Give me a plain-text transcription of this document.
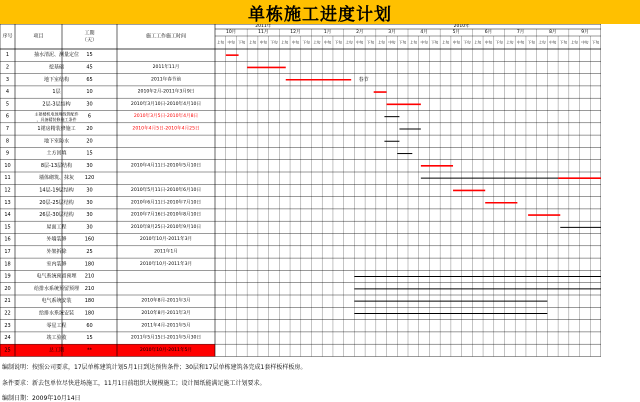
单栋施工进度计划
序号	项目	工期
（天）
施工工作施工时间
2011年	2010年
10月	11月	12月	1月	2月	3月	4月	5月	6月	7月	8月	9月
上旬 中旬 下旬 上旬 中旬 下旬 上旬 中旬 下旬 上旬 中旬 下旬 上旬 中旬 下旬 上旬 中旬 下旬 上旬 中旬 下旬 上旬 中旬 下旬 上旬 中旬 下旬 上旬 中旬 下旬 上旬 中旬 下旬 上旬 中旬 下旬
1	抽水清泥、测量定位 15
2	挖基础	45	2011年11月
3	地下室结构	65	2011年春节前
4	1层	10	2010年2月-2011年3月9日
5	2层-3层结构	30	2010年3月10日-2010年4月10日
6	主裙楼机电预埋线管配件
，具备精装修施工条件 6	2010年3月5日-2010年4月8日
7	1裙房精装修施工 20	2010年4月5日-2010年4月25日
8	地下室防水	20
9	土方回填	15
10	8层-13层结构	30	2010年4月11日-2010年5月10日
11	墙体砌筑、抹灰 120
12	14层-19层结构	30	2010年5月11日-2010年6月10日
13	20层-25层结构	30	2010年6月11日-2010年7月10日
14	26层-30层结构	30	2010年7月16日-2010年8月10日
15	屋面工程	30	2010年8月25日-2010年9月10日
16	外墙装修	160	2010年10月-2011年3月
17	外架拆除	25	2011年1月
18	室内装修	180	2010年10月-2011年3月
19	电气系统预留预埋 210
20	给排水系统预留预埋 210
21	电气系统安装	180	2010年8月-2011年3月
22	给排水系统安装 180	2010年8月-2011年3月
23	零星工程	60	2011年4月-2011年5月
24	竣工验收	15	2011年5月15日-2011年5月30日
25	总工期	**	2010年10月-2011年5月
春节
编制说明：按照公司要求，17层单栋建筑计划5月1日到达预售条件；30层和17层单栋建筑各完成1套样板样板房。
条件要求：新去包单位尽快进场施工，11月1日前组织大规模施工；设计图纸能满足施工计划要求。
编制日期：2009年10月14日
